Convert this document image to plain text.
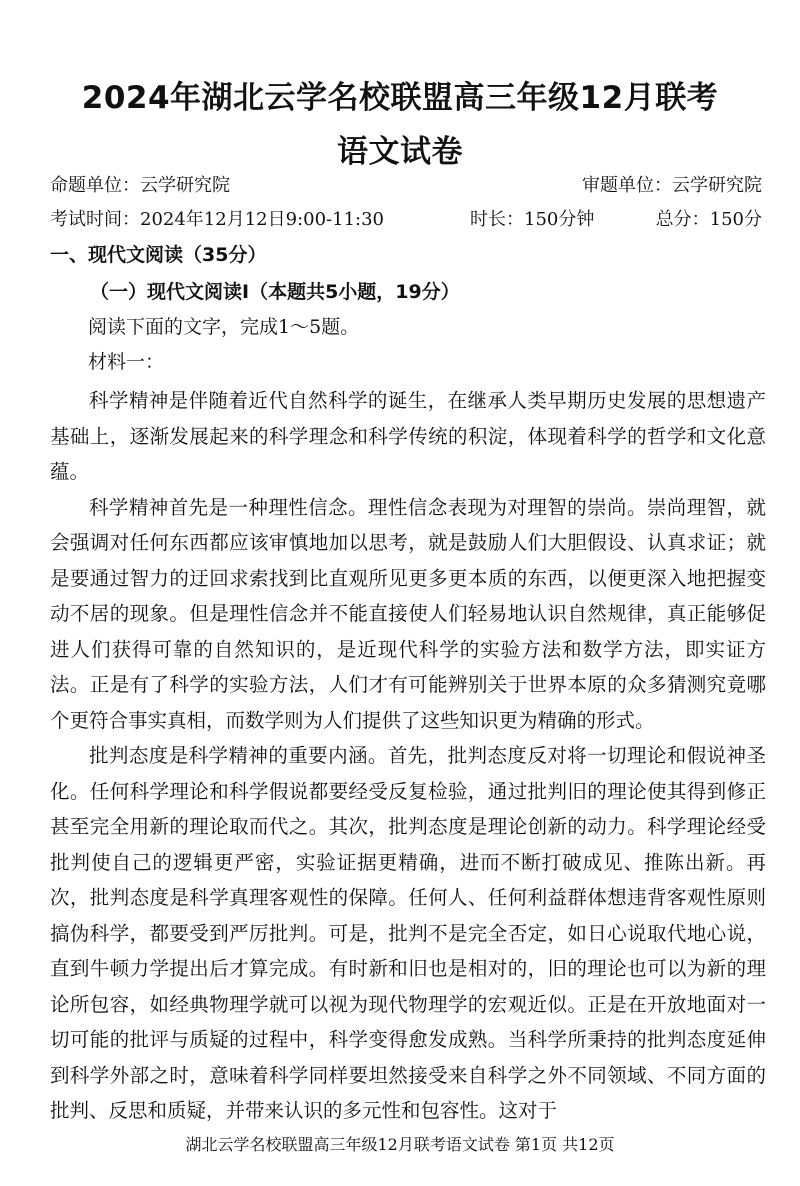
2024年湖北云学名校联盟高三年级12月联考
语文试卷
命题单位：云学研究院	审题单位：云学研究院
考试时间：2024年12月12日9:00-11:30	时长：150分钟	总分：150分
一、现代文阅读（35分）
（一）现代文阅读Ⅰ（本题共5小题，19分）
阅读下面的文字，完成1～5题。
材料一：

科学精神是伴随着近代自然科学的诞生，在继承人类早期历史发展的思想遗产基础上，逐渐发展起来的科学理念和科学传统的积淀，体现着科学的哲学和文化意蕴。

科学精神首先是一种理性信念。理性信念表现为对理智的崇尚。崇尚理智，就会强调对任何东西都应该审慎地加以思考，就是鼓励人们大胆假设、认真求证；就是要通过智力的迂回求索找到比直观所见更多更本质的东西，以便更深入地把握变动不居的现象。但是理性信念并不能直接使人们轻易地认识自然规律，真正能够促进人们获得可靠的自然知识的，是近现代科学的实验方法和数学方法，即实证方法。正是有了科学的实验方法，人们才有可能辨别关于世界本原的众多猜测究竟哪个更符合事实真相，而数学则为人们提供了这些知识更为精确的形式。

批判态度是科学精神的重要内涵。首先，批判态度反对将一切理论和假说神圣化。任何科学理论和科学假说都要经受反复检验，通过批判旧的理论使其得到修正甚至完全用新的理论取而代之。其次，批判态度是理论创新的动力。科学理论经受批判使自己的逻辑更严密，实验证据更精确，进而不断打破成见、推陈出新。再次，批判态度是科学真理客观性的保障。任何人、任何利益群体想违背客观性原则搞伪科学，都要受到严厉批判。可是，批判不是完全否定，如日心说取代地心说，直到牛顿力学提出后才算完成。有时新和旧也是相对的，旧的理论也可以为新的理论所包容，如经典物理学就可以视为现代物理学的宏观近似。正是在开放地面对一切可能的批评与质疑的过程中，科学变得愈发成熟。当科学所秉持的批判态度延伸到科学外部之时，意味着科学同样要坦然接受来自科学之外不同领域、不同方面的批判、反思和质疑，并带来认识的多元性和包容性。这对于

湖北云学名校联盟高三年级12月联考语文试卷 第1页 共12页
